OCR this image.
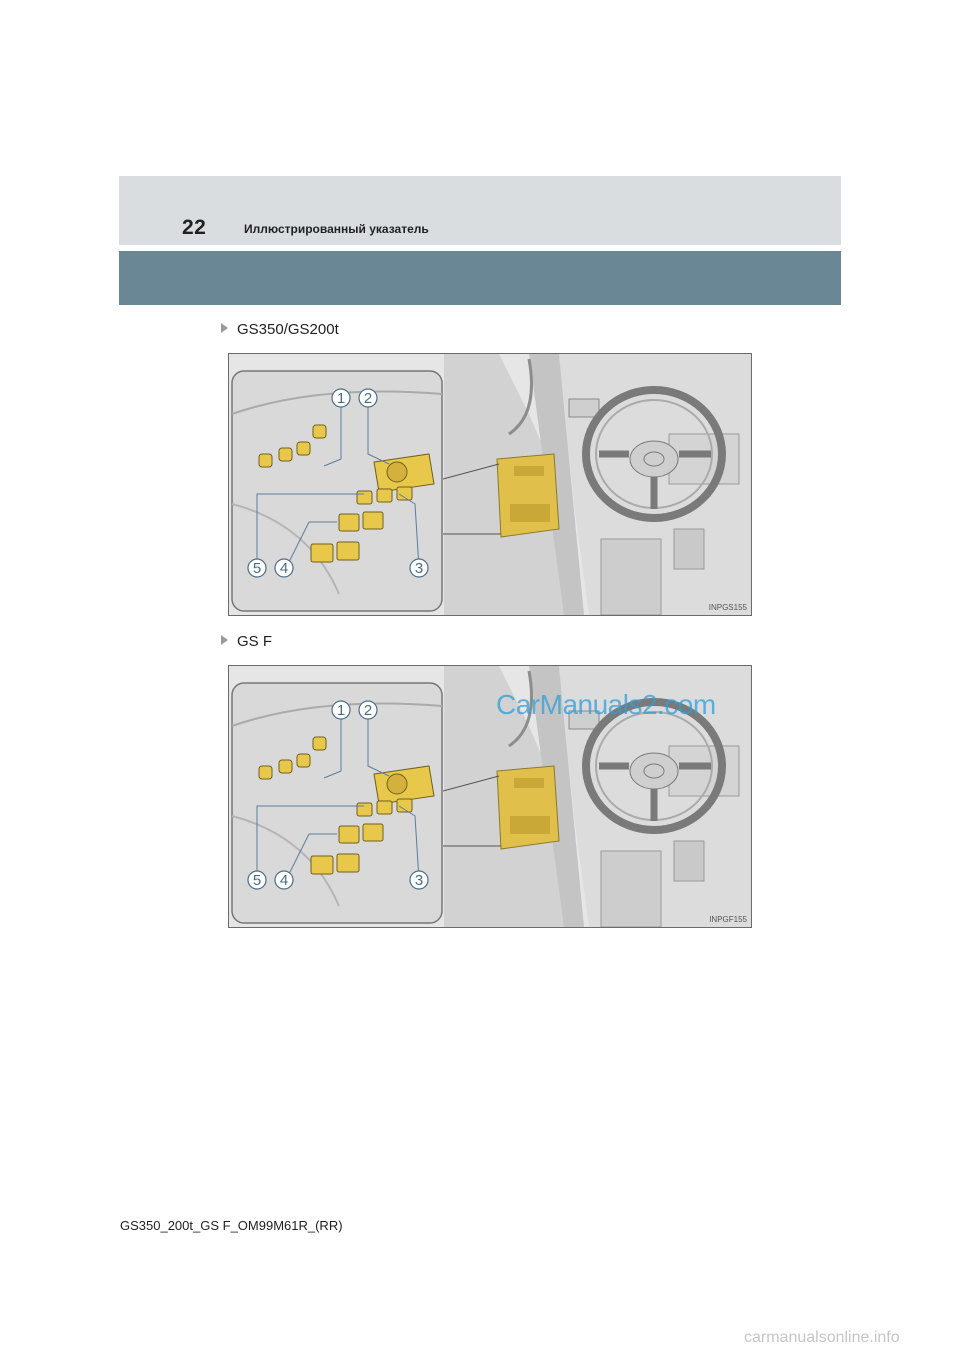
22	Иллюстрированный указатель
GS350/GS200t
1 2
3
4
5
INPGS155
GS F
1 2
3
4
5
INPGF155
CarManuals2.com
GS350_200t_GS F_OM99M61R_(RR)
carmanualsonline.info
